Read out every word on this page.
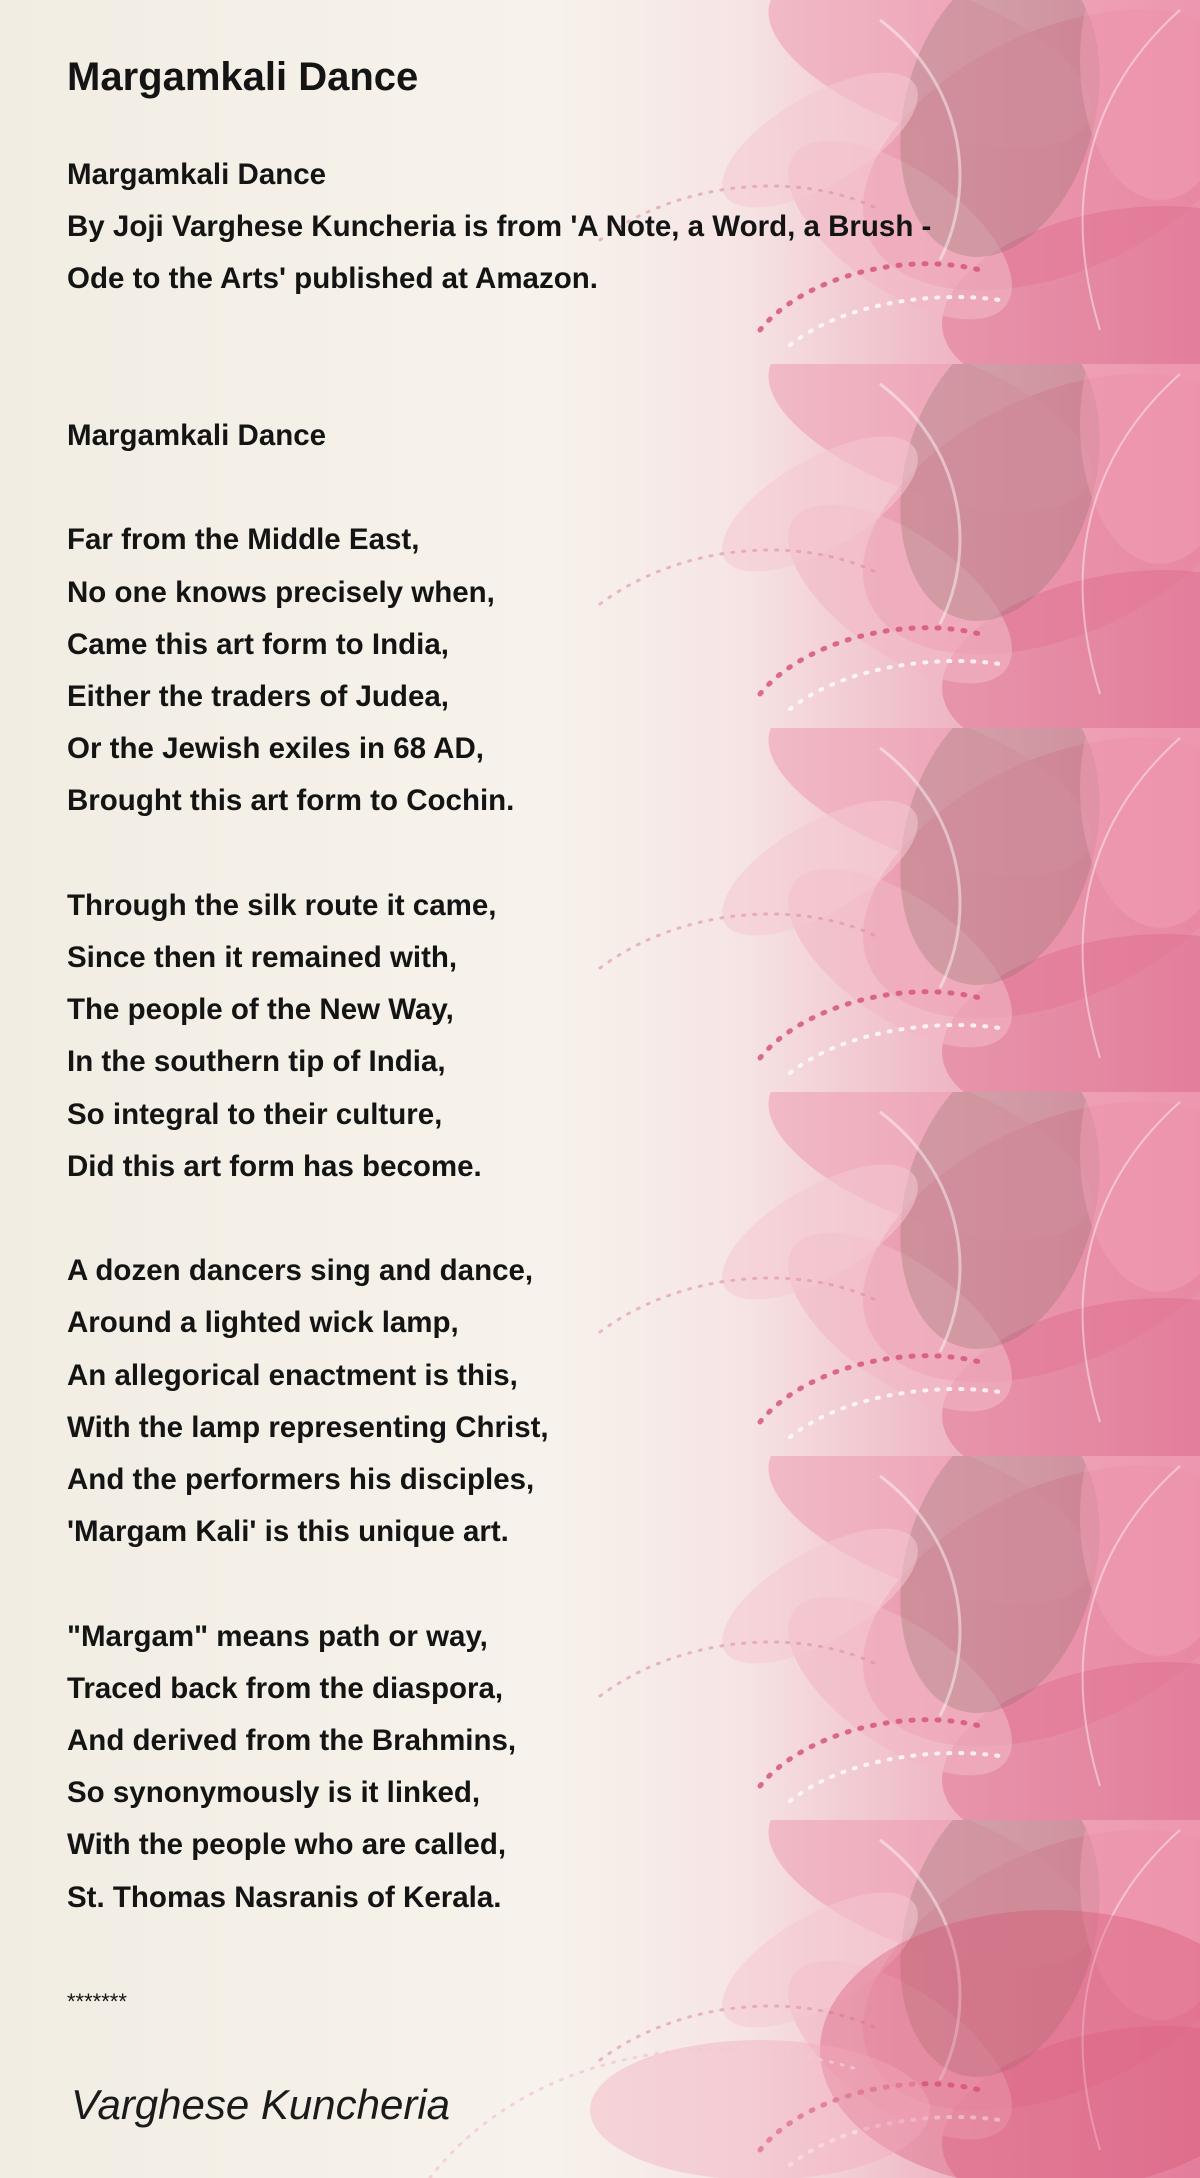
Margamkali Dance
Margamkali Dance
By Joji Varghese Kuncheria is from 'A Note, a Word, a Brush -
Ode to the Arts' published at Amazon.
Margamkali Dance
Far from the Middle East,
No one knows precisely when,
Came this art form to India,
Either the traders of Judea,
Or the Jewish exiles in 68 AD,
Brought this art form to Cochin.
Through the silk route it came,
Since then it remained with,
The people of the New Way,
In the southern tip of India,
So integral to their culture,
Did this art form has become.
A dozen dancers sing and dance,
Around a lighted wick lamp,
An allegorical enactment is this,
With the lamp representing Christ,
And the performers his disciples,
'Margam Kali' is this unique art.
"Margam" means path or way,
Traced back from the diaspora,
And derived from the Brahmins,
So synonymously is it linked,
With the people who are called,
St. Thomas Nasranis of Kerala.
*******
Varghese Kuncheria
